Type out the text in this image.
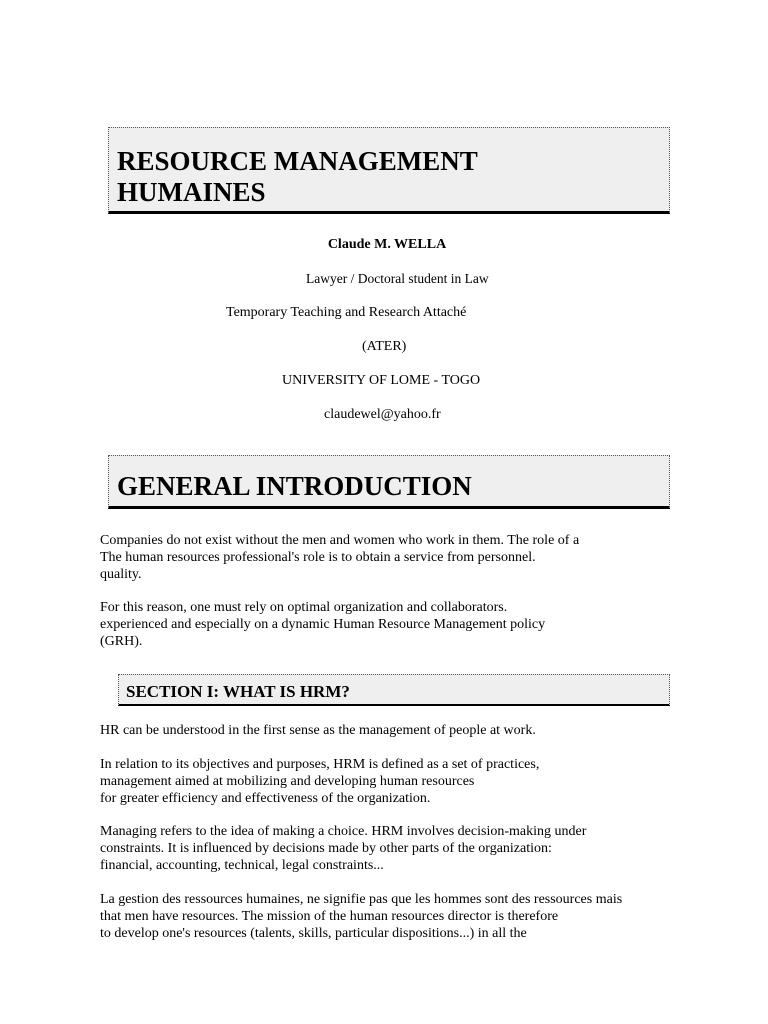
RESOURCE MANAGEMENT
HUMAINES
Claude M. WELLA
Lawyer / Doctoral student in Law
Temporary Teaching and Research Attaché
(ATER)
UNIVERSITY OF LOME - TOGO
claudewel@yahoo.fr
GENERAL INTRODUCTION

Companies do not exist without the men and women who work in them. The role of a
The human resources professional's role is to obtain a service from personnel.
quality.

For this reason, one must rely on optimal organization and collaborators.
experienced and especially on a dynamic Human Resource Management policy
(GRH).

SECTION I: WHAT IS HRM?

HR can be understood in the first sense as the management of people at work.

In relation to its objectives and purposes, HRM is defined as a set of practices,
management aimed at mobilizing and developing human resources
for greater efficiency and effectiveness of the organization.

Managing refers to the idea of making a choice. HRM involves decision-making under
constraints. It is influenced by decisions made by other parts of the organization:
financial, accounting, technical, legal constraints...

La gestion des ressources humaines, ne signifie pas que les hommes sont des ressources mais
that men have resources. The mission of the human resources director is therefore
to develop one's resources (talents, skills, particular dispositions...) in all the
